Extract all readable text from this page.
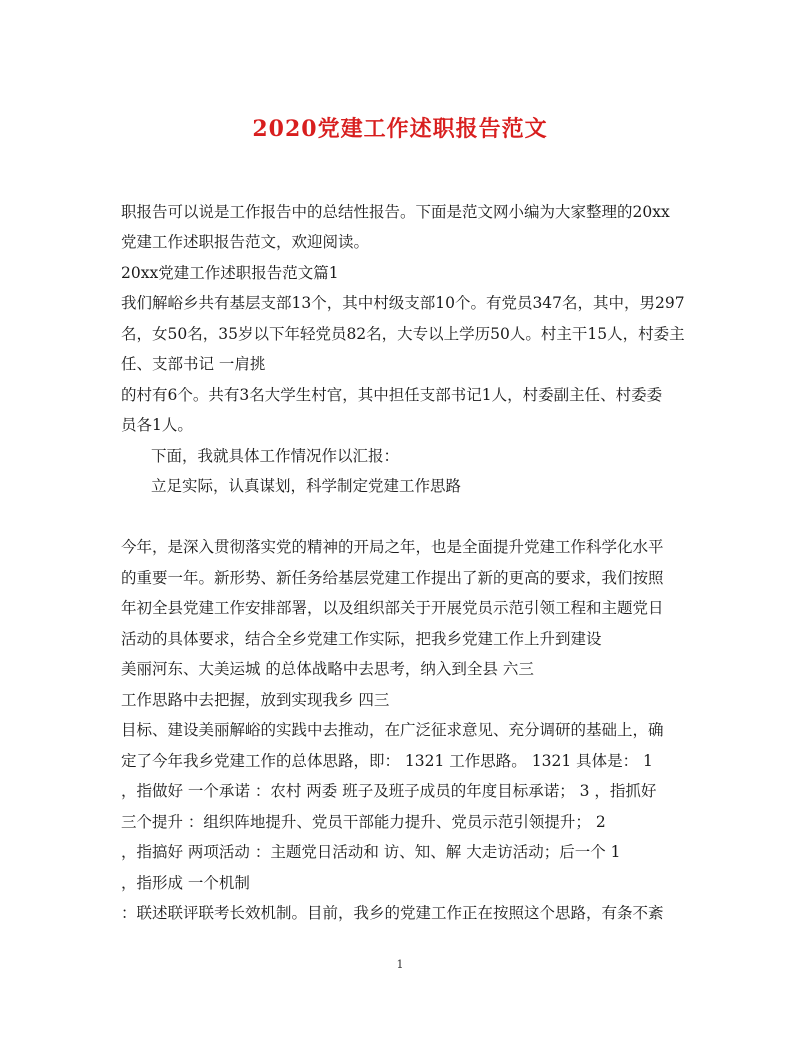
2020党建工作述职报告范文
职报告可以说是工作报告中的总结性报告。下面是范文网小编为大家整理的20xx
党建工作述职报告范文，欢迎阅读。
20xx党建工作述职报告范文篇1
我们解峪乡共有基层支部13个，其中村级支部10个。有党员347名，其中，男297
名，女50名，35岁以下年轻党员82名，大专以上学历50人。村主干15人，村委主
任、支部书记 一肩挑
的村有6个。共有3名大学生村官，其中担任支部书记1人，村委副主任、村委委
员各1人。
下面，我就具体工作情况作以汇报：
立足实际，认真谋划，科学制定党建工作思路
今年，是深入贯彻落实党的精神的开局之年，也是全面提升党建工作科学化水平
的重要一年。新形势、新任务给基层党建工作提出了新的更高的要求，我们按照
年初全县党建工作安排部署，以及组织部关于开展党员示范引领工程和主题党日
活动的具体要求，结合全乡党建工作实际，把我乡党建工作上升到建设
美丽河东、大美运城 的总体战略中去思考，纳入到全县 六三
工作思路中去把握，放到实现我乡 四三
目标、建设美丽解峪的实践中去推动，在广泛征求意见、充分调研的基础上，确
定了今年我乡党建工作的总体思路，即： 1321 工作思路。 1321 具体是： 1
，指做好 一个承诺 ：农村 两委 班子及班子成员的年度目标承诺； 3 ，指抓好
三个提升 ：组织阵地提升、党员干部能力提升、党员示范引领提升； 2
，指搞好 两项活动 ：主题党日活动和 访、知、解 大走访活动；后一个 1
，指形成 一个机制
：联述联评联考长效机制。目前，我乡的党建工作正在按照这个思路，有条不紊
1
